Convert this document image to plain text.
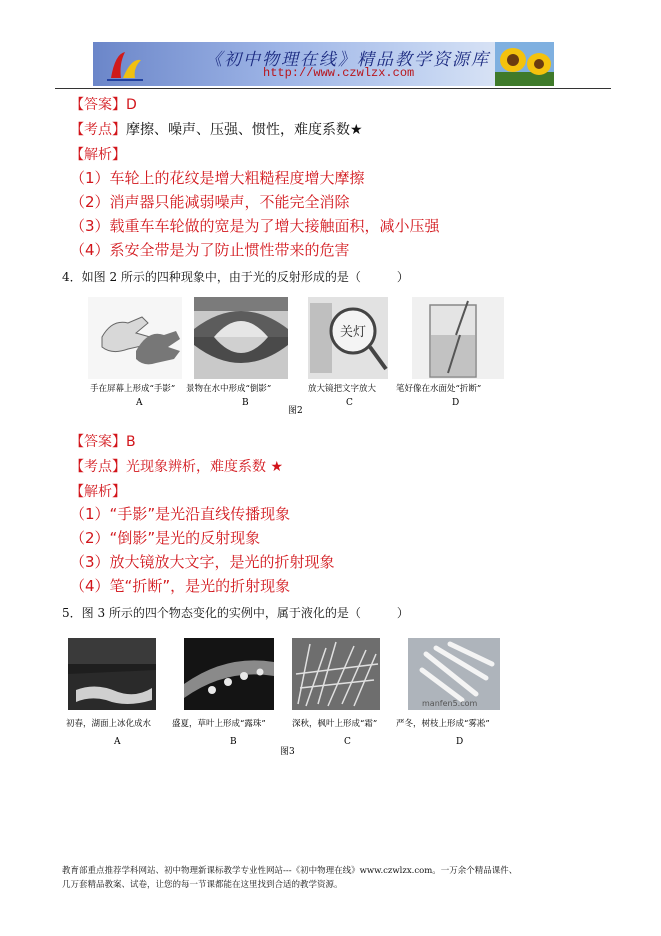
《初中物理在线》精品教学资源库
http://www.czwlzx.com
【答案】D
【考点】摩擦、噪声、压强、惯性，难度系数★
【解析】
（1）车轮上的花纹是增大粗糙程度增大摩擦
（2）消声器只能减弱噪声，不能完全消除
（3）载重车车轮做的宽是为了增大接触面积，减小压强
（4）系安全带是为了防止惯性带来的危害
4．如图 2 所示的四种现象中，由于光的反射形成的是（　　　）
关灯
手在屏幕上形成“手影” 景物在水中形成“倒影”	放大镜把文字放大 笔好像在水面处“折断”
A	B	C	D
图2
【答案】B
【考点】光现象辨析，难度系数 ★
【解析】
（1）“手影”是光沿直线传播现象
（2）“倒影”是光的反射现象
（3）放大镜放大文字，是光的折射现象
（4）笔“折断”，是光的折射现象
5．图 3 所示的四个物态变化的实例中，属于液化的是（　　　）
manfen5.com
初春，湖面上冰化成水 盛夏，草叶上形成“露珠”	深秋，枫叶上形成“霜” 严冬，树枝上形成“雾凇”
A	B	C	D
图3
教育部重点推荐学科网站、初中物理新课标教学专业性网站---《初中物理在线》www.czwlzx.com。一万余个精品课件、
几万套精品教案、试卷，让您的每一节课都能在这里找到合适的教学资源。
